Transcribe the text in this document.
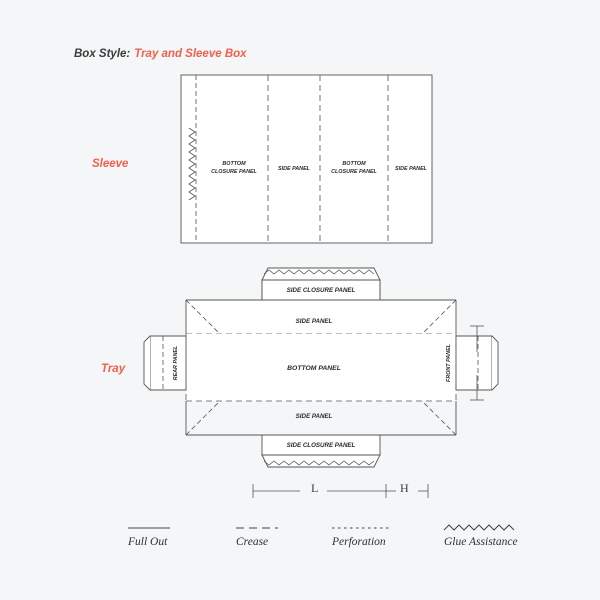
Box Style: Tray and Sleeve Box
Sleeve
Tray
L	H
Full Out	Crease	Perforation	Glue Assistance
BOTTOM
CLOSURE PANEL	SIDE PANEL
BOTTOM
CLOSURE PANEL	SIDE PANEL
SIDE CLOSURE PANEL
SIDE PANEL
BOTTOM PANEL
SIDE PANEL
SIDE CLOSURE PANEL
REAR PANEL	FRONT PANEL
